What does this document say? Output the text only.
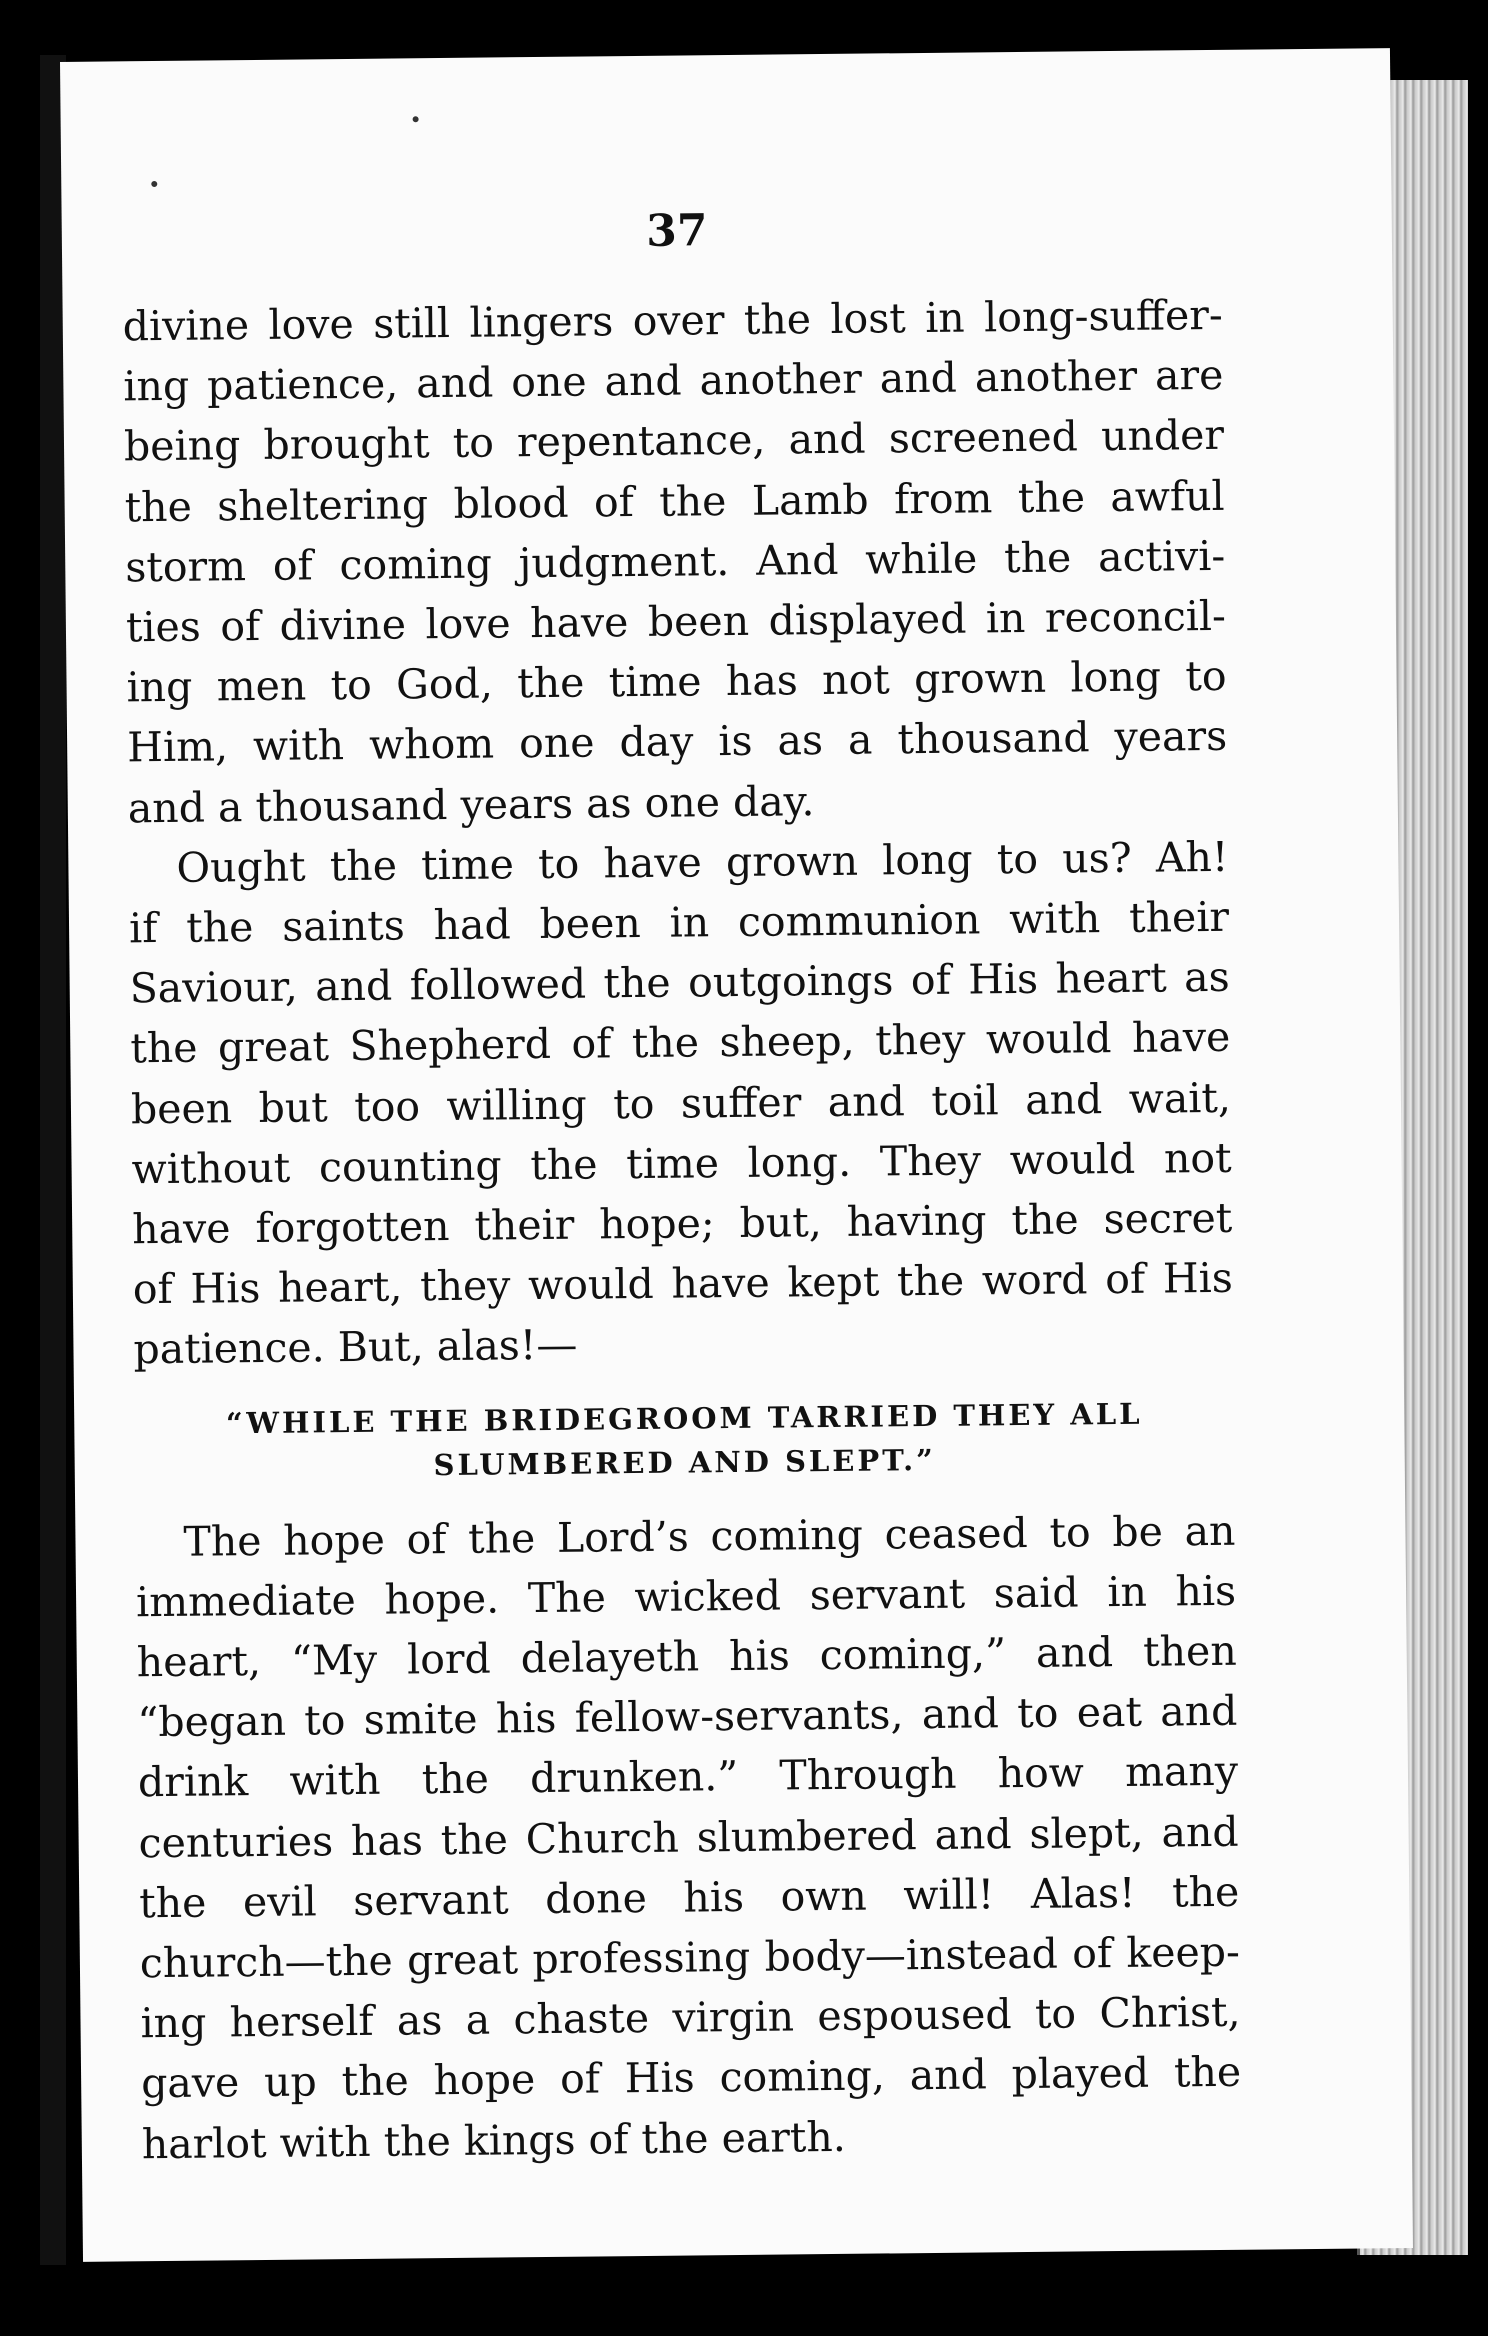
37

divine love still lingers over the lost in long-suffer-
ing patience, and one and another and another are
being brought to repentance, and screened under
the sheltering blood of the Lamb from the awful
storm of coming judgment. And while the activi-
ties of divine love have been displayed in reconcil-
ing men to God, the time has not grown long to
Him, with whom one day is as a thousand years
and a thousand years as one day.

Ought the time to have grown long to us? Ah!
if the saints had been in communion with their
Saviour, and followed the outgoings of His heart as
the great Shepherd of the sheep, they would have
been but too willing to suffer and toil and wait,
without counting the time long. They would not
have forgotten their hope; but, having the secret
of His heart, they would have kept the word of His
patience. But, alas!—

“WHILE THE BRIDEGROOM TARRIED THEY ALL
SLUMBERED AND SLEPT.”

The hope of the Lord’s coming ceased to be an
immediate hope. The wicked servant said in his
heart, “My lord delayeth his coming,” and then
“began to smite his fellow-servants, and to eat and
drink with the drunken.” Through how many
centuries has the Church slumbered and slept, and
the evil servant done his own will! Alas! the
church—the great professing body—instead of keep-
ing herself as a chaste virgin espoused to Christ,
gave up the hope of His coming, and played the
harlot with the kings of the earth.
